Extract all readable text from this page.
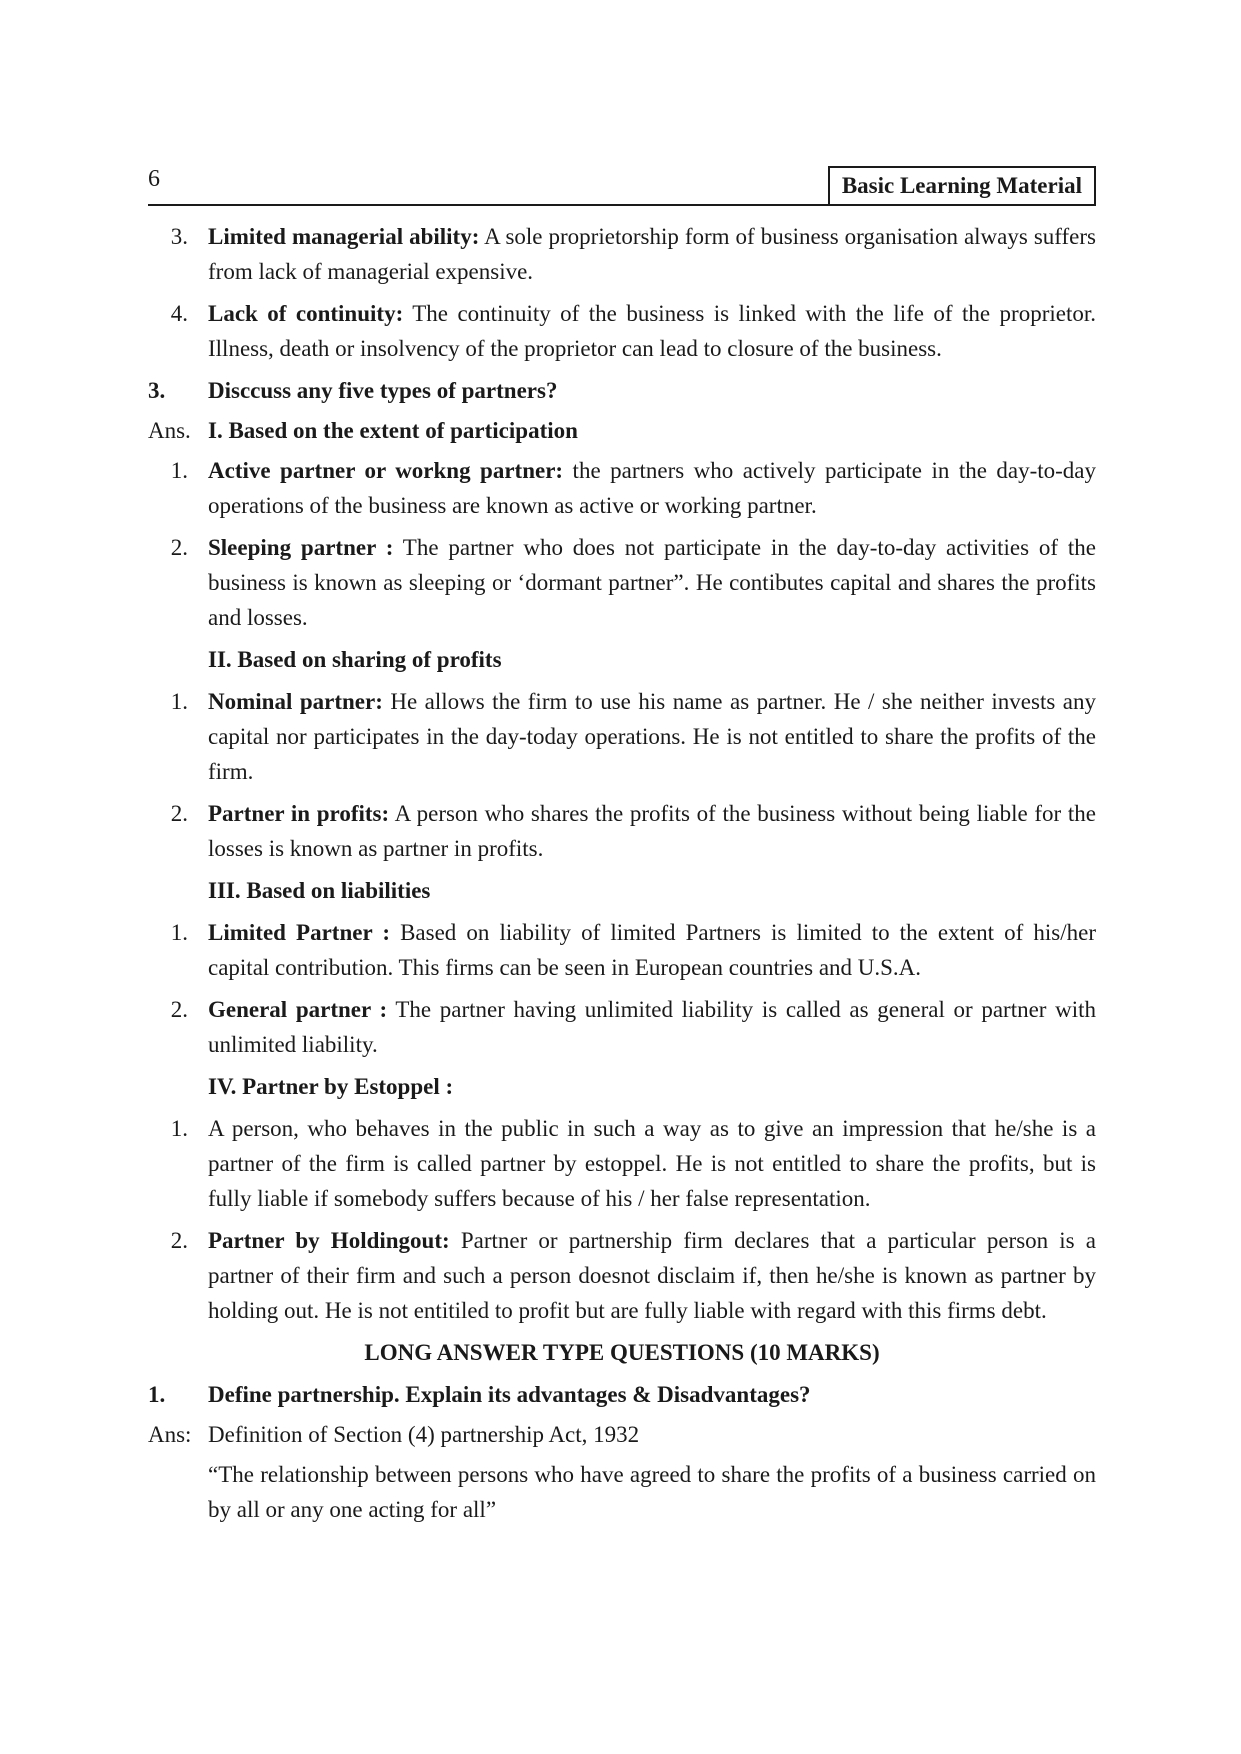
6	Basic Learning Material
3. Limited managerial ability: A sole proprietorship form of business organisation always suffers from lack of managerial expensive.
4. Lack of continuity: The continuity of the business is linked with the life of the proprietor. Illness, death or insolvency of the proprietor can lead to closure of the business.
3.	Disccuss any five types of partners?
Ans. I. Based on the extent of participation
1. Active partner or workng partner: the partners who actively participate in the day-to-day operations of the business are known as active or working partner.
2. Sleeping partner : The partner who does not participate in the day-to-day activities of the business is known as sleeping or ‘dormant partner”. He contibutes capital and shares the profits and losses.
II. Based on sharing of profits
1. Nominal partner: He allows the firm to use his name as partner. He / she neither invests any capital nor participates in the day-today operations. He is not entitled to share the profits of the firm.
2. Partner in profits: A person who shares the profits of the business without being liable for the losses is known as partner in profits.
III. Based on liabilities
1. Limited Partner : Based on liability of limited Partners is limited to the extent of his/her capital contribution. This firms can be seen in European countries and U.S.A.
2. General partner : The partner having unlimited liability is called as general or partner with unlimited liability.
IV. Partner by Estoppel :
1. A person, who behaves in the public in such a way as to give an impression that he/she is a partner of the firm is called partner by estoppel. He is not entitled to share the profits, but is fully liable if somebody suffers because of his / her false representation.
2. Partner by Holdingout: Partner or partnership firm declares that a particular person is a partner of their firm and such a person doesnot disclaim if, then he/she is known as partner by holding out. He is not entitiled to profit but are fully liable with regard with this firms debt.
LONG ANSWER TYPE QUESTIONS (10 MARKS)
1.	Define partnership. Explain its advantages & Disadvantages?
Ans: Definition of Section (4) partnership Act, 1932
“The relationship between persons who have agreed to share the profits of a business carried on by all or any one acting for all”
